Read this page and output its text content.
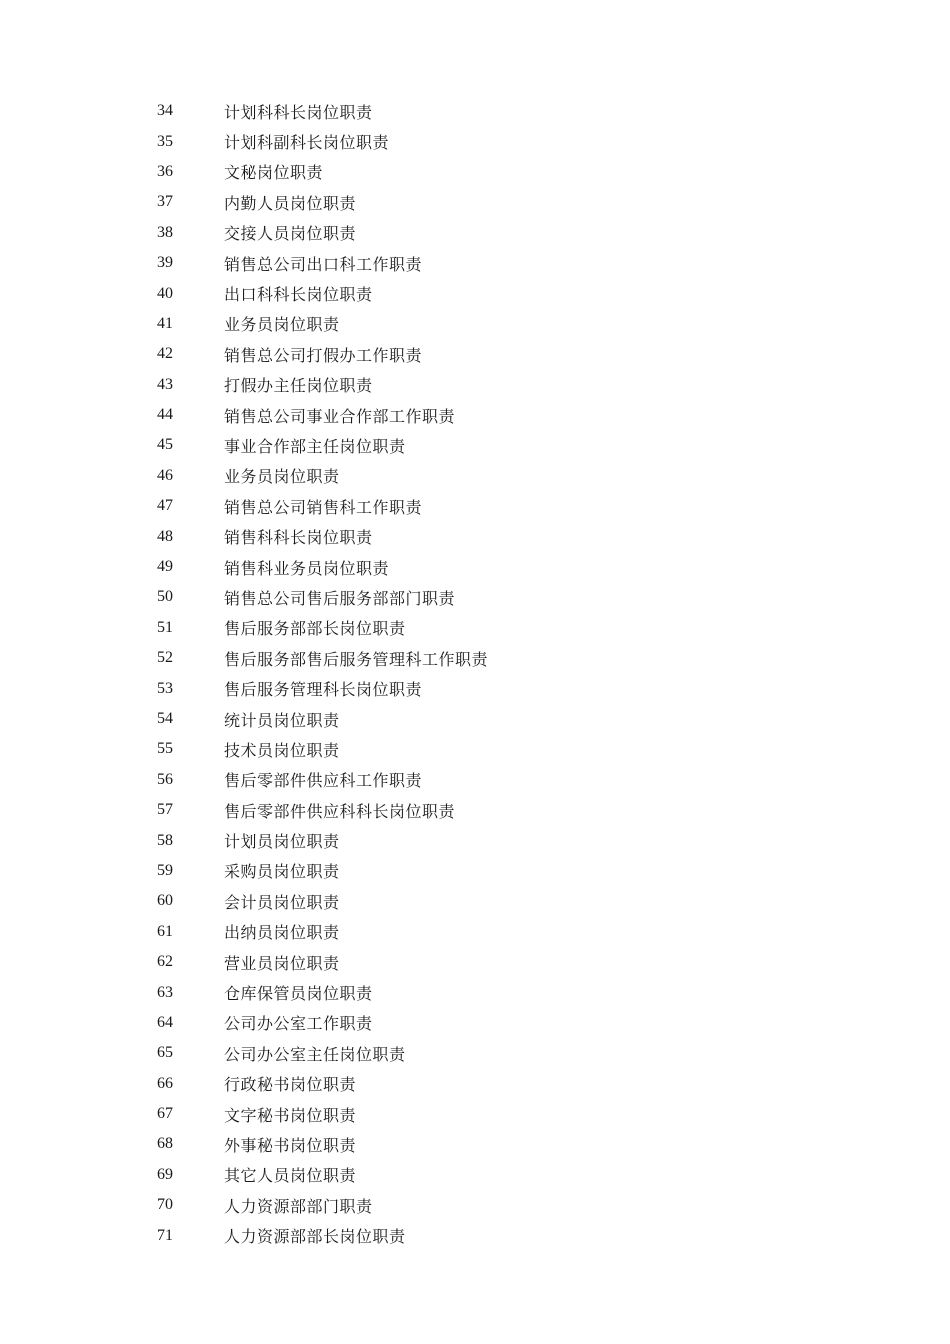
34	计划科科长岗位职责
35	计划科副科长岗位职责
36	文秘岗位职责
37	内勤人员岗位职责
38	交接人员岗位职责
39	销售总公司出口科工作职责
40	出口科科长岗位职责
41	业务员岗位职责
42	销售总公司打假办工作职责
43	打假办主任岗位职责
44	销售总公司事业合作部工作职责
45	事业合作部主任岗位职责
46	业务员岗位职责
47	销售总公司销售科工作职责
48	销售科科长岗位职责
49	销售科业务员岗位职责
50	销售总公司售后服务部部门职责
51	售后服务部部长岗位职责
52	售后服务部售后服务管理科工作职责
53	售后服务管理科长岗位职责
54	统计员岗位职责
55	技术员岗位职责
56	售后零部件供应科工作职责
57	售后零部件供应科科长岗位职责
58	计划员岗位职责
59	采购员岗位职责
60	会计员岗位职责
61	出纳员岗位职责
62	营业员岗位职责
63	仓库保管员岗位职责
64	公司办公室工作职责
65	公司办公室主任岗位职责
66	行政秘书岗位职责
67	文字秘书岗位职责
68	外事秘书岗位职责
69	其它人员岗位职责
70	人力资源部部门职责
71	人力资源部部长岗位职责
